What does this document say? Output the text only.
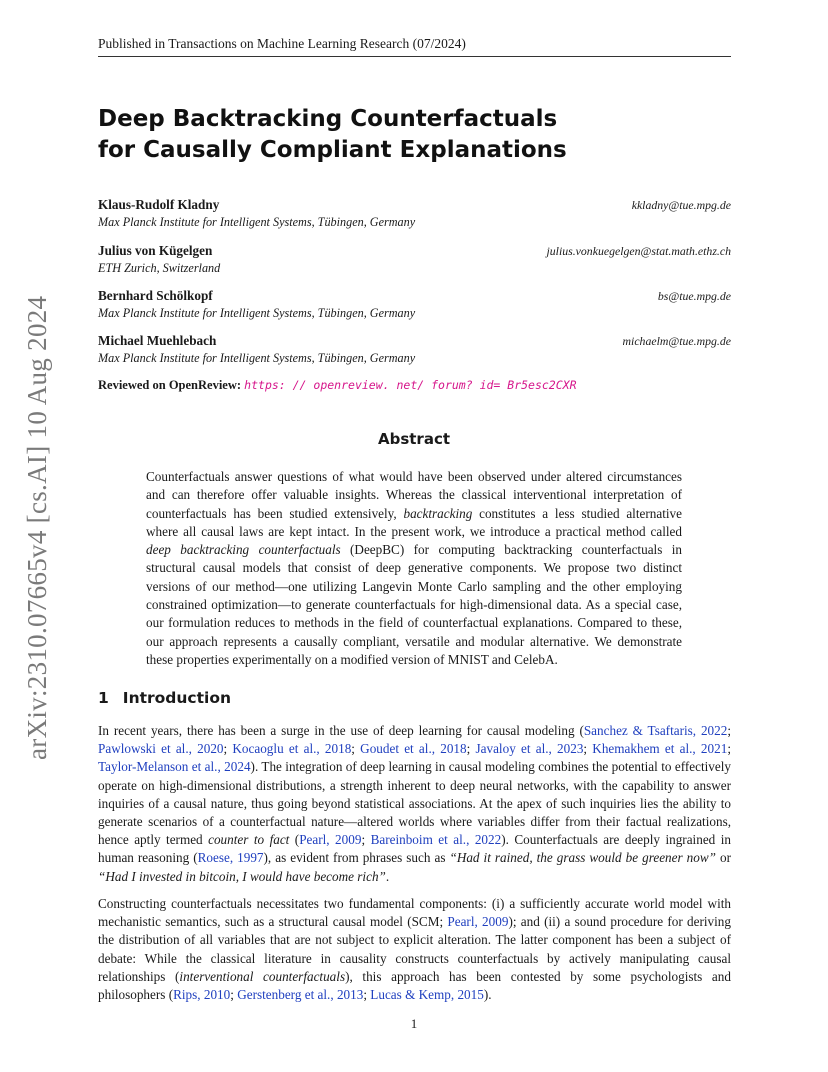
Published in Transactions on Machine Learning Research (07/2024)
arXiv:2310.07665v4 [cs.AI] 10 Aug 2024
Deep Backtracking Counterfactuals
for Causally Compliant Explanations
Klaus-Rudolf Kladny
Max Planck Institute for Intelligent Systems, Tübingen, Germany
kkladny@tue.mpg.de
Julius von Kügelgen
ETH Zurich, Switzerland
julius.vonkuegelgen@stat.math.ethz.ch
Bernhard Schölkopf
Max Planck Institute for Intelligent Systems, Tübingen, Germany
bs@tue.mpg.de
Michael Muehlebach
Max Planck Institute for Intelligent Systems, Tübingen, Germany
michaelm@tue.mpg.de
Reviewed on OpenReview: https: // openreview. net/ forum? id= Br5esc2CXR
Abstract
Counterfactuals answer questions of what would have been observed under altered circumstances and can therefore offer valuable insights. Whereas the classical interventional interpretation of counterfactuals has been studied extensively, backtracking constitutes a less studied alternative where all causal laws are kept intact. In the present work, we introduce a practical method called deep backtracking counterfactuals (DeepBC) for computing backtracking counterfactuals in structural causal models that consist of deep generative components. We propose two distinct versions of our method—one utilizing Langevin Monte Carlo sampling and the other employing constrained optimization—to generate counterfactuals for high-dimensional data. As a special case, our formulation reduces to methods in the field of counterfactual explanations. Compared to these, our approach represents a causally compliant, versatile and modular alternative. We demonstrate these properties experimentally on a modified version of MNIST and CelebA.
1 Introduction
In recent years, there has been a surge in the use of deep learning for causal modeling (Sanchez & Tsaftaris, 2022; Pawlowski et al., 2020; Kocaoglu et al., 2018; Goudet et al., 2018; Javaloy et al., 2023; Khemakhem et al., 2021; Taylor-Melanson et al., 2024). The integration of deep learning in causal modeling combines the potential to effectively operate on high-dimensional distributions, a strength inherent to deep neural networks, with the capability to answer inquiries of a causal nature, thus going beyond statistical associations. At the apex of such inquiries lies the ability to generate scenarios of a counterfactual nature—altered worlds where variables differ from their factual realizations, hence aptly termed counter to fact (Pearl, 2009; Bareinboim et al., 2022). Counterfactuals are deeply ingrained in human reasoning (Roese, 1997), as evident from phrases such as “Had it rained, the grass would be greener now” or “Had I invested in bitcoin, I would have become rich”.
Constructing counterfactuals necessitates two fundamental components: (i) a sufficiently accurate world model with mechanistic semantics, such as a structural causal model (SCM; Pearl, 2009); and (ii) a sound procedure for deriving the distribution of all variables that are not subject to explicit alteration. The latter component has been a subject of debate: While the classical literature in causality constructs counterfactuals by actively manipulating causal relationships (interventional counterfactuals), this approach has been contested by some psychologists and philosophers (Rips, 2010; Gerstenberg et al., 2013; Lucas & Kemp, 2015).
1
